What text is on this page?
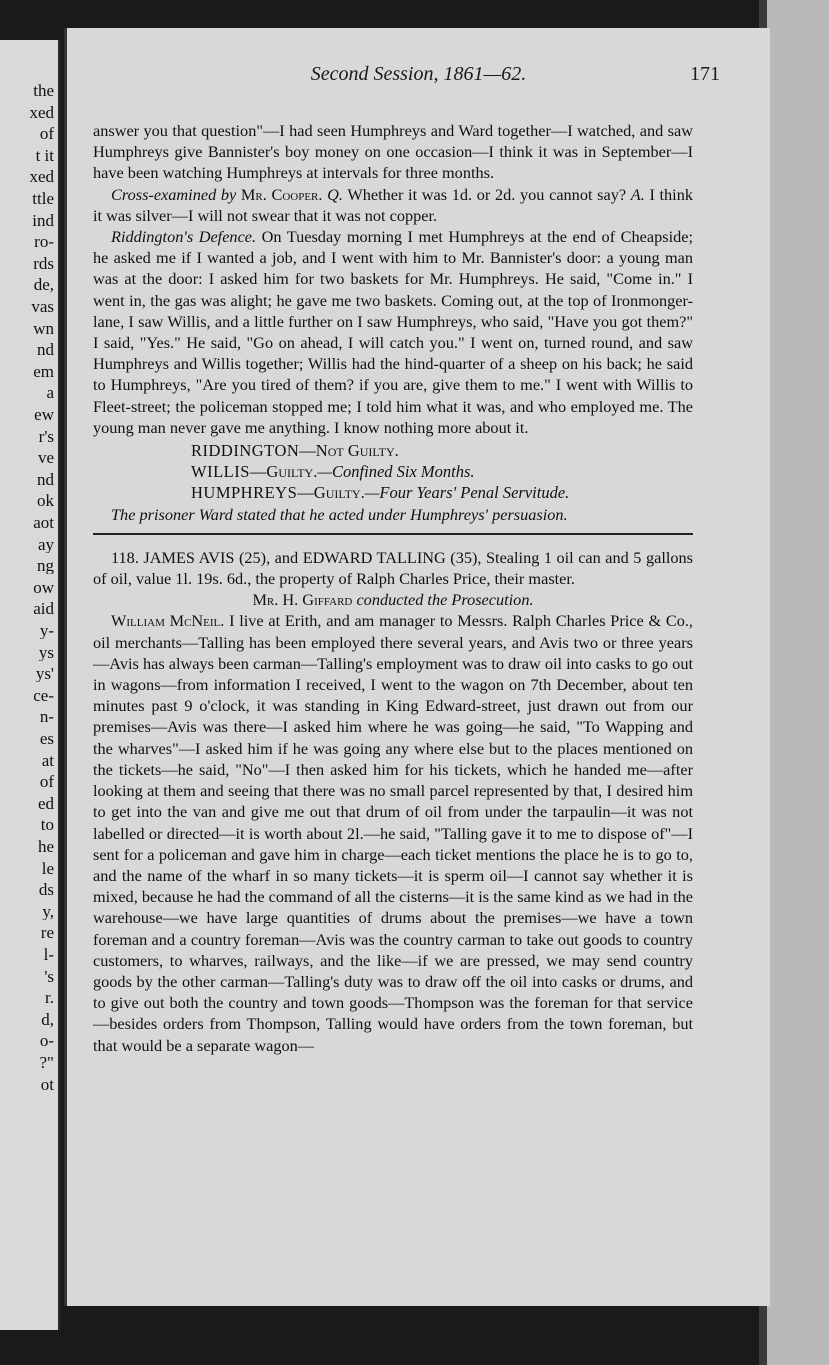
the
xed
of
t it
xed
ttle
ind
ro-
rds
de,
vas
wn
nd
em
a
ew
r's
ve
nd
ok
aot
ay
ng
ow
aid
y-
ys
ys'
ce-
n-
es
at
of
ed
to
he
le
ds
y,
re
l-
's
r.
d,
o-
?"
ot
Second Session, 1861—62.	171

answer you that question"—I had seen Humphreys and Ward together—I watched, and saw Humphreys give Bannister's boy money on one occasion—I think it was in September—I have been watching Humphreys at intervals for three months.

Cross-examined by Mr. Cooper. Q. Whether it was 1d. or 2d. you cannot say? A. I think it was silver—I will not swear that it was not copper.

Riddington's Defence. On Tuesday morning I met Humphreys at the end of Cheapside; he asked me if I wanted a job, and I went with him to Mr. Bannister's door: a young man was at the door: I asked him for two baskets for Mr. Humphreys. He said, "Come in." I went in, the gas was alight; he gave me two baskets. Coming out, at the top of Ironmonger-lane, I saw Willis, and a little further on I saw Humphreys, who said, "Have you got them?" I said, "Yes." He said, "Go on ahead, I will catch you." I went on, turned round, and saw Humphreys and Willis together; Willis had the hind-quarter of a sheep on his back; he said to Humphreys, "Are you tired of them? if you are, give them to me." I went with Willis to Fleet-street; the policeman stopped me; I told him what it was, and who employed me. The young man never gave me anything. I know nothing more about it.

RIDDINGTON—Not Guilty.
WILLIS—Guilty.—Confined Six Months.
HUMPHREYS—Guilty.—Four Years' Penal Servitude.

The prisoner Ward stated that he acted under Humphreys' persuasion.

118. JAMES AVIS (25), and EDWARD TALLING (35), Stealing 1 oil can and 5 gallons of oil, value 1l. 19s. 6d., the property of Ralph Charles Price, their master.

Mr. H. Giffard conducted the Prosecution.

William McNeil. I live at Erith, and am manager to Messrs. Ralph Charles Price & Co., oil merchants—Talling has been employed there several years, and Avis two or three years—Avis has always been carman—Talling's employment was to draw oil into casks to go out in wagons—from information I received, I went to the wagon on 7th December, about ten minutes past 9 o'clock, it was standing in King Edward-street, just drawn out from our premises—Avis was there—I asked him where he was going—he said, "To Wapping and the wharves"—I asked him if he was going any where else but to the places mentioned on the tickets—he said, "No"—I then asked him for his tickets, which he handed me—after looking at them and seeing that there was no small parcel represented by that, I desired him to get into the van and give me out that drum of oil from under the tarpaulin—it was not labelled or directed—it is worth about 2l.—he said, "Talling gave it to me to dispose of"—I sent for a policeman and gave him in charge—each ticket mentions the place he is to go to, and the name of the wharf in so many tickets—it is sperm oil—I cannot say whether it is mixed, because he had the command of all the cisterns—it is the same kind as we had in the warehouse—we have large quantities of drums about the premises—we have a town foreman and a country foreman—Avis was the country carman to take out goods to country customers, to wharves, railways, and the like—if we are pressed, we may send country goods by the other carman—Talling's duty was to draw off the oil into casks or drums, and to give out both the country and town goods—Thompson was the foreman for that service—besides orders from Thompson, Talling would have orders from the town foreman, but that would be a separate wagon—
